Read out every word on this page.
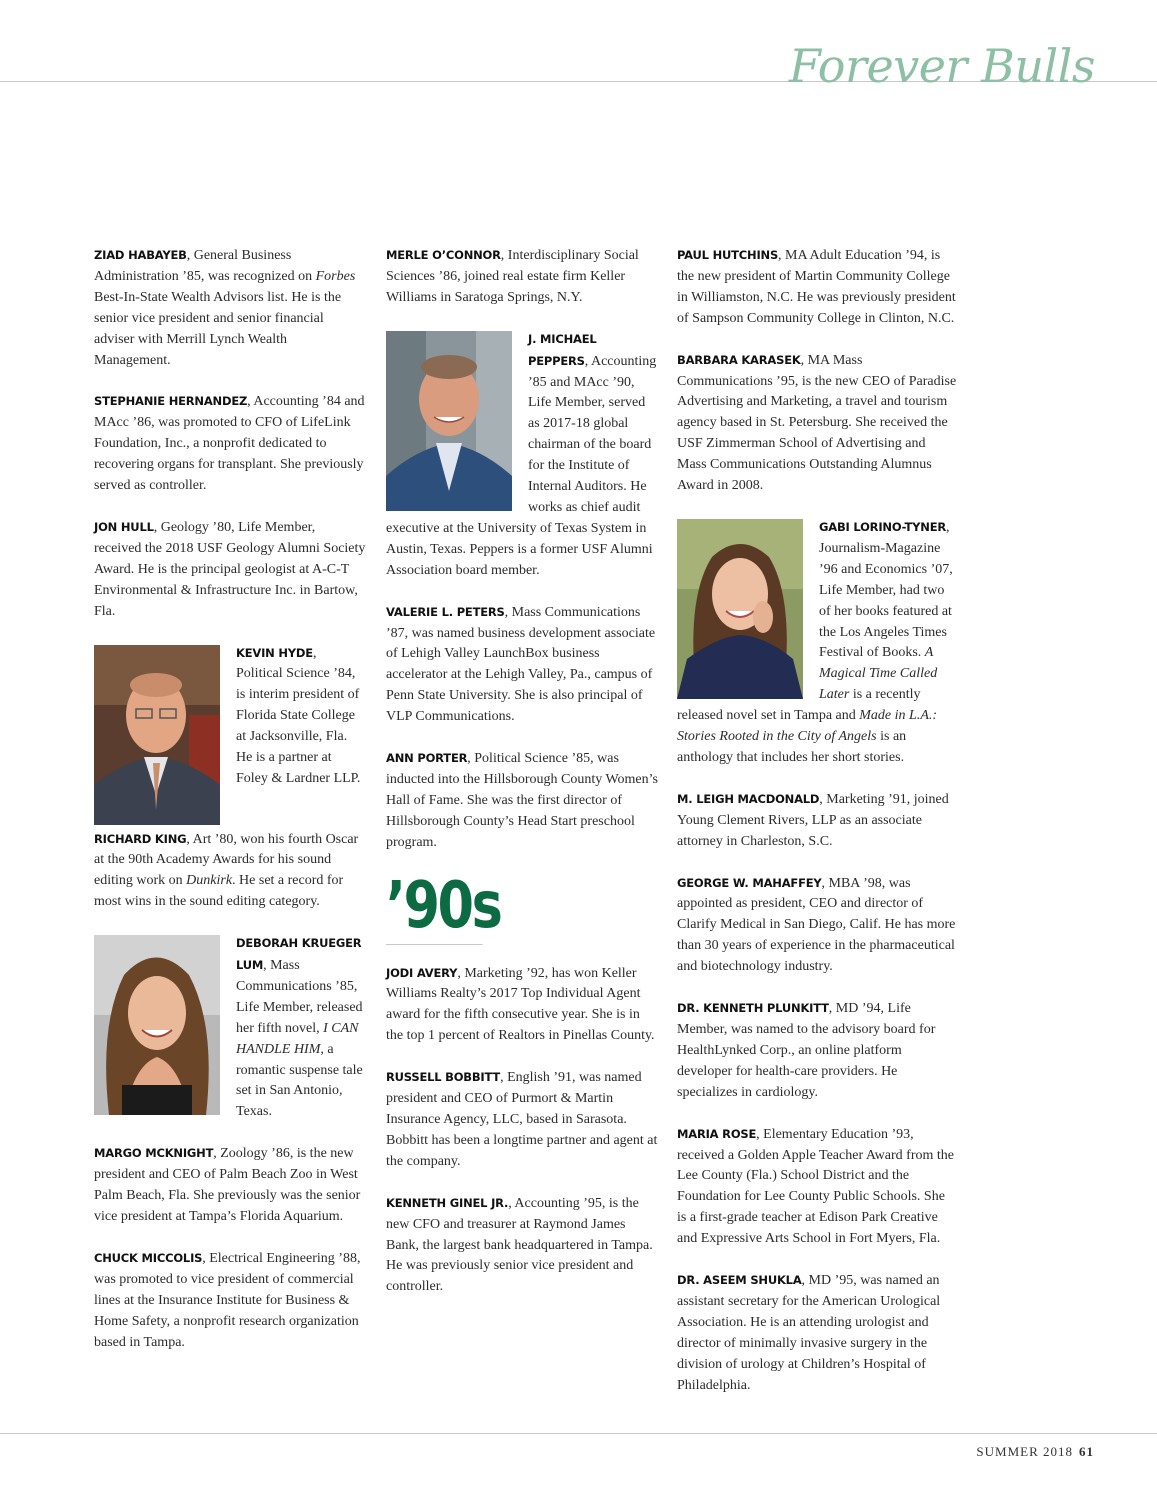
Forever Bulls

ZIAD HABAYEB, General Business Administration ’85, was recognized on Forbes Best-In-State Wealth Advisors list. He is the senior vice president and senior financial adviser with Merrill Lynch Wealth Management.

STEPHANIE HERNANDEZ, Accounting ’84 and MAcc ’86, was promoted to CFO of LifeLink Foundation, Inc., a nonprofit dedicated to recovering organs for transplant. She previously served as controller.

JON HULL, Geology ’80, Life Member, received the 2018 USF Geology Alumni Society Award. He is the principal geologist at A-C-T Environmental & Infrastructure Inc. in Bartow, Fla.

KEVIN HYDE, Political Science ’84, is interim president of Florida State College at Jacksonville, Fla. He is a partner at Foley & Lardner LLP.

RICHARD KING, Art ’80, won his fourth Oscar at the 90th Academy Awards for his sound editing work on Dunkirk. He set a record for most wins in the sound editing category.

DEBORAH KRUEGER LUM, Mass Communications ’85, Life Member, released her fifth novel, I CAN HANDLE HIM, a romantic suspense tale set in San Antonio, Texas.

MARGO MCKNIGHT, Zoology ’86, is the new president and CEO of Palm Beach Zoo in West Palm Beach, Fla. She previously was the senior vice president at Tampa’s Florida Aquarium.

CHUCK MICCOLIS, Electrical Engineering ’88, was promoted to vice president of commercial lines at the Insurance Institute for Business & Home Safety, a nonprofit research organization based in Tampa.

MERLE O’CONNOR, Interdisciplinary Social Sciences ’86, joined real estate firm Keller Williams in Saratoga Springs, N.Y.

J. MICHAEL PEPPERS, Accounting ’85 and MAcc ’90, Life Member, served as 2017-18 global chairman of the board for the Institute of Internal Auditors. He works as chief audit executive at the University of Texas System in Austin, Texas. Peppers is a former USF Alumni Association board member.

VALERIE L. PETERS, Mass Communications ’87, was named business development associate of Lehigh Valley LaunchBox business accelerator at the Lehigh Valley, Pa., campus of Penn State University. She is also principal of VLP Communications.

ANN PORTER, Political Science ’85, was inducted into the Hillsborough County Women’s Hall of Fame. She was the first director of Hillsborough County’s Head Start preschool program.

’90s

JODI AVERY, Marketing ’92, has won Keller Williams Realty’s 2017 Top Individual Agent award for the fifth consecutive year. She is in the top 1 percent of Realtors in Pinellas County.

RUSSELL BOBBITT, English ’91, was named president and CEO of Purmort & Martin Insurance Agency, LLC, based in Sarasota. Bobbitt has been a longtime partner and agent at the company.

KENNETH GINEL JR., Accounting ’95, is the new CFO and treasurer at Raymond James Bank, the largest bank headquartered in Tampa. He was previously senior vice president and controller.

PAUL HUTCHINS, MA Adult Education ’94, is the new president of Martin Community College in Williamston, N.C. He was previously president of Sampson Community College in Clinton, N.C.

BARBARA KARASEK, MA Mass Communications ’95, is the new CEO of Paradise Advertising and Marketing, a travel and tourism agency based in St. Petersburg. She received the USF Zimmerman School of Advertising and Mass Communications Outstanding Alumnus Award in 2008.

GABI LORINO-TYNER, Journalism-Magazine ’96 and Economics ’07, Life Member, had two of her books featured at the Los Angeles Times Festival of Books. A Magical Time Called Later is a recently released novel set in Tampa and Made in L.A.: Stories Rooted in the City of Angels is an anthology that includes her short stories.

M. LEIGH MACDONALD, Marketing ’91, joined Young Clement Rivers, LLP as an associate attorney in Charleston, S.C.

GEORGE W. MAHAFFEY, MBA ’98, was appointed as president, CEO and director of Clarify Medical in San Diego, Calif. He has more than 30 years of experience in the pharmaceutical and biotechnology industry.

DR. KENNETH PLUNKITT, MD ’94, Life Member, was named to the advisory board for HealthLynked Corp., an online platform developer for health-care providers. He specializes in cardiology.

MARIA ROSE, Elementary Education ’93, received a Golden Apple Teacher Award from the Lee County (Fla.) School District and the Foundation for Lee County Public Schools. She is a first-grade teacher at Edison Park Creative and Expressive Arts School in Fort Myers, Fla.

DR. ASEEM SHUKLA, MD ’95, was named an assistant secretary for the American Urological Association. He is an attending urologist and director of minimally invasive surgery in the division of urology at Children’s Hospital of Philadelphia.

SUMMER 2018 61
